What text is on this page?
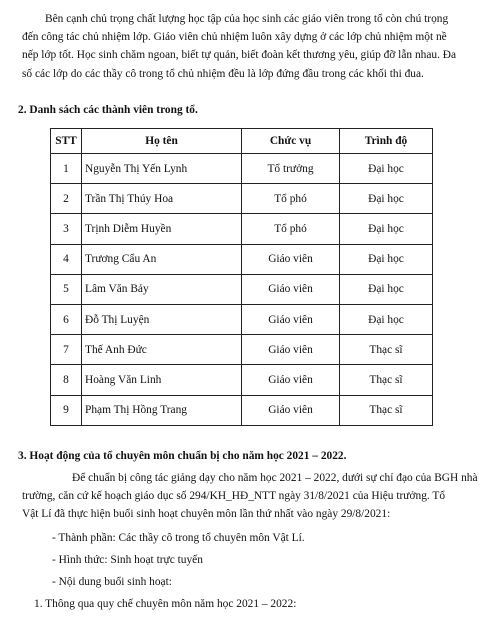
Bên cạnh chủ trọng chất lượng học tập của học sinh các giáo viên trong tổ còn chú trọng
đến công tác chủ nhiệm lớp. Giáo viên chủ nhiệm luôn xây dựng ở các lớp chủ nhiệm một nề
nếp lớp tốt. Học sinh chăm ngoan, biết tự quản, biết đoàn kết thương yêu, giúp đỡ lẫn nhau. Đa
số các lớp do các thầy cô trong tổ chủ nhiệm đều là lớp đứng đầu trong các khối thi đua.

2. Danh sách các thành viên trong tổ.

STT	Họ tên	Chức vụ	Trình độ
1	Nguyễn Thị Yến Lynh	Tổ trưởng	Đại học
2	Trần Thị Thúy Hoa	Tổ phó	Đại học
3	Trịnh Diễm Huyền	Tổ phó	Đại học
4	Trương Cẩu An	Giáo viên	Đại học
5	Lâm Văn Bảy	Giáo viên	Đại học
6	Đỗ Thị Luyện	Giáo viên	Đại học
7	Thế Anh Đức	Giáo viên	Thạc sĩ
8	Hoàng Văn Linh	Giáo viên	Thạc sĩ
9	Phạm Thị Hồng Trang	Giáo viên	Thạc sĩ

3. Hoạt động của tổ chuyên môn chuẩn bị cho năm học 2021 – 2022.

Để chuẩn bị công tác giảng dạy cho năm học 2021 – 2022, dưới sự chỉ đạo của BGH nhà
trường, căn cứ kế hoạch giáo dục số 294/KH_HĐ_NTT ngày 31/8/2021 của Hiệu trưởng. Tổ
Vật Lí đã thực hiện buổi sinh hoạt chuyên môn lần thứ nhất vào ngày 29/8/2021:

- Thành phần: Các thầy cô trong tổ chuyên môn Vật Lí.

- Hình thức: Sinh hoạt trực tuyến

- Nội dung buổi sinh hoạt:

1. Thông qua quy chế chuyên môn năm học 2021 – 2022:
